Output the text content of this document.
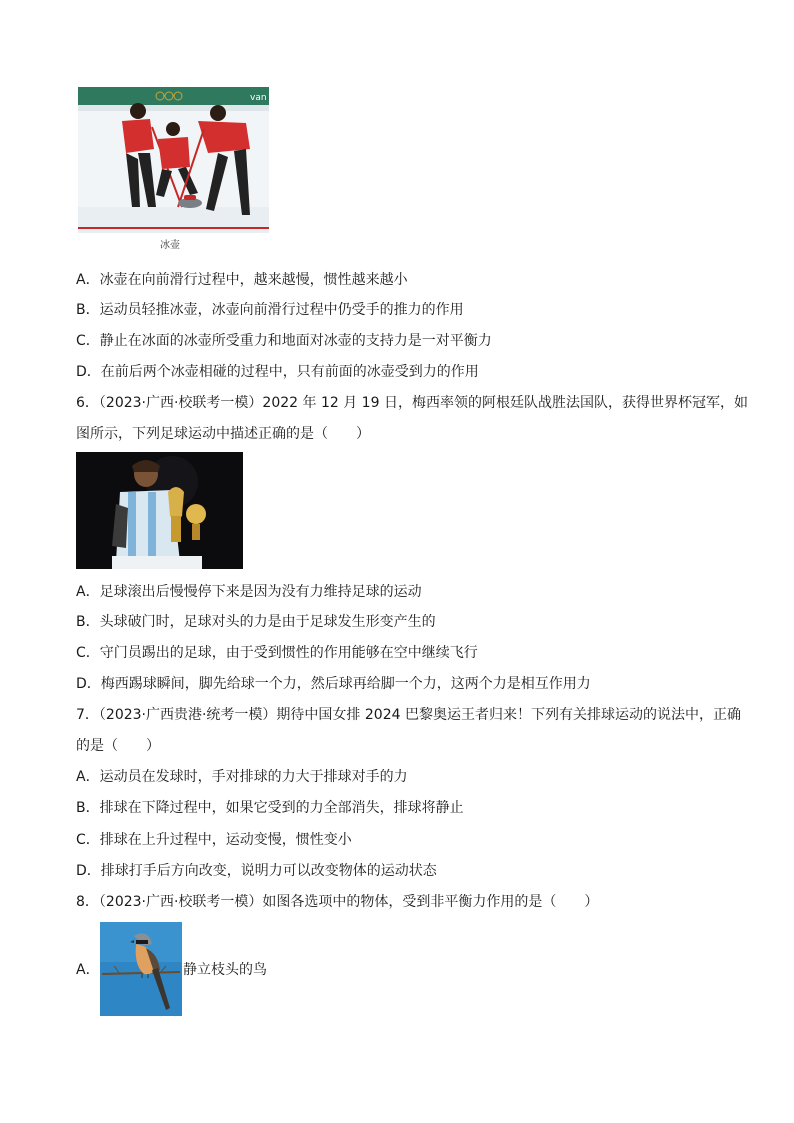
van
冰壶
A．冰壶在向前滑行过程中，越来越慢，惯性越来越小
B．运动员轻推冰壶，冰壶向前滑行过程中仍受手的推力的作用
C．静止在冰面的冰壶所受重力和地面对冰壶的支持力是一对平衡力
D．在前后两个冰壶相碰的过程中，只有前面的冰壶受到力的作用
6．（2023·广西·校联考一模）2022 年 12 月 19 日，梅西率领的阿根廷队战胜法国队，获得世界杯冠军，如
图所示，下列足球运动中描述正确的是（　　）
A．足球滚出后慢慢停下来是因为没有力维持足球的运动
B．头球破门时，足球对头的力是由于足球发生形变产生的
C．守门员踢出的足球，由于受到惯性的作用能够在空中继续飞行
D．梅西踢球瞬间，脚先给球一个力，然后球再给脚一个力，这两个力是相互作用力
7．（2023·广西贵港·统考一模）期待中国女排 2024 巴黎奥运王者归来！下列有关排球运动的说法中，正确
的是（　　）
A．运动员在发球时，手对排球的力大于排球对手的力
B．排球在下降过程中，如果它受到的力全部消失，排球将静止
C．排球在上升过程中，运动变慢，惯性变小
D．排球打手后方向改变，说明力可以改变物体的运动状态
8．（2023·广西·校联考一模）如图各选项中的物体，受到非平衡力作用的是（　　）
A．	静立枝头的鸟
